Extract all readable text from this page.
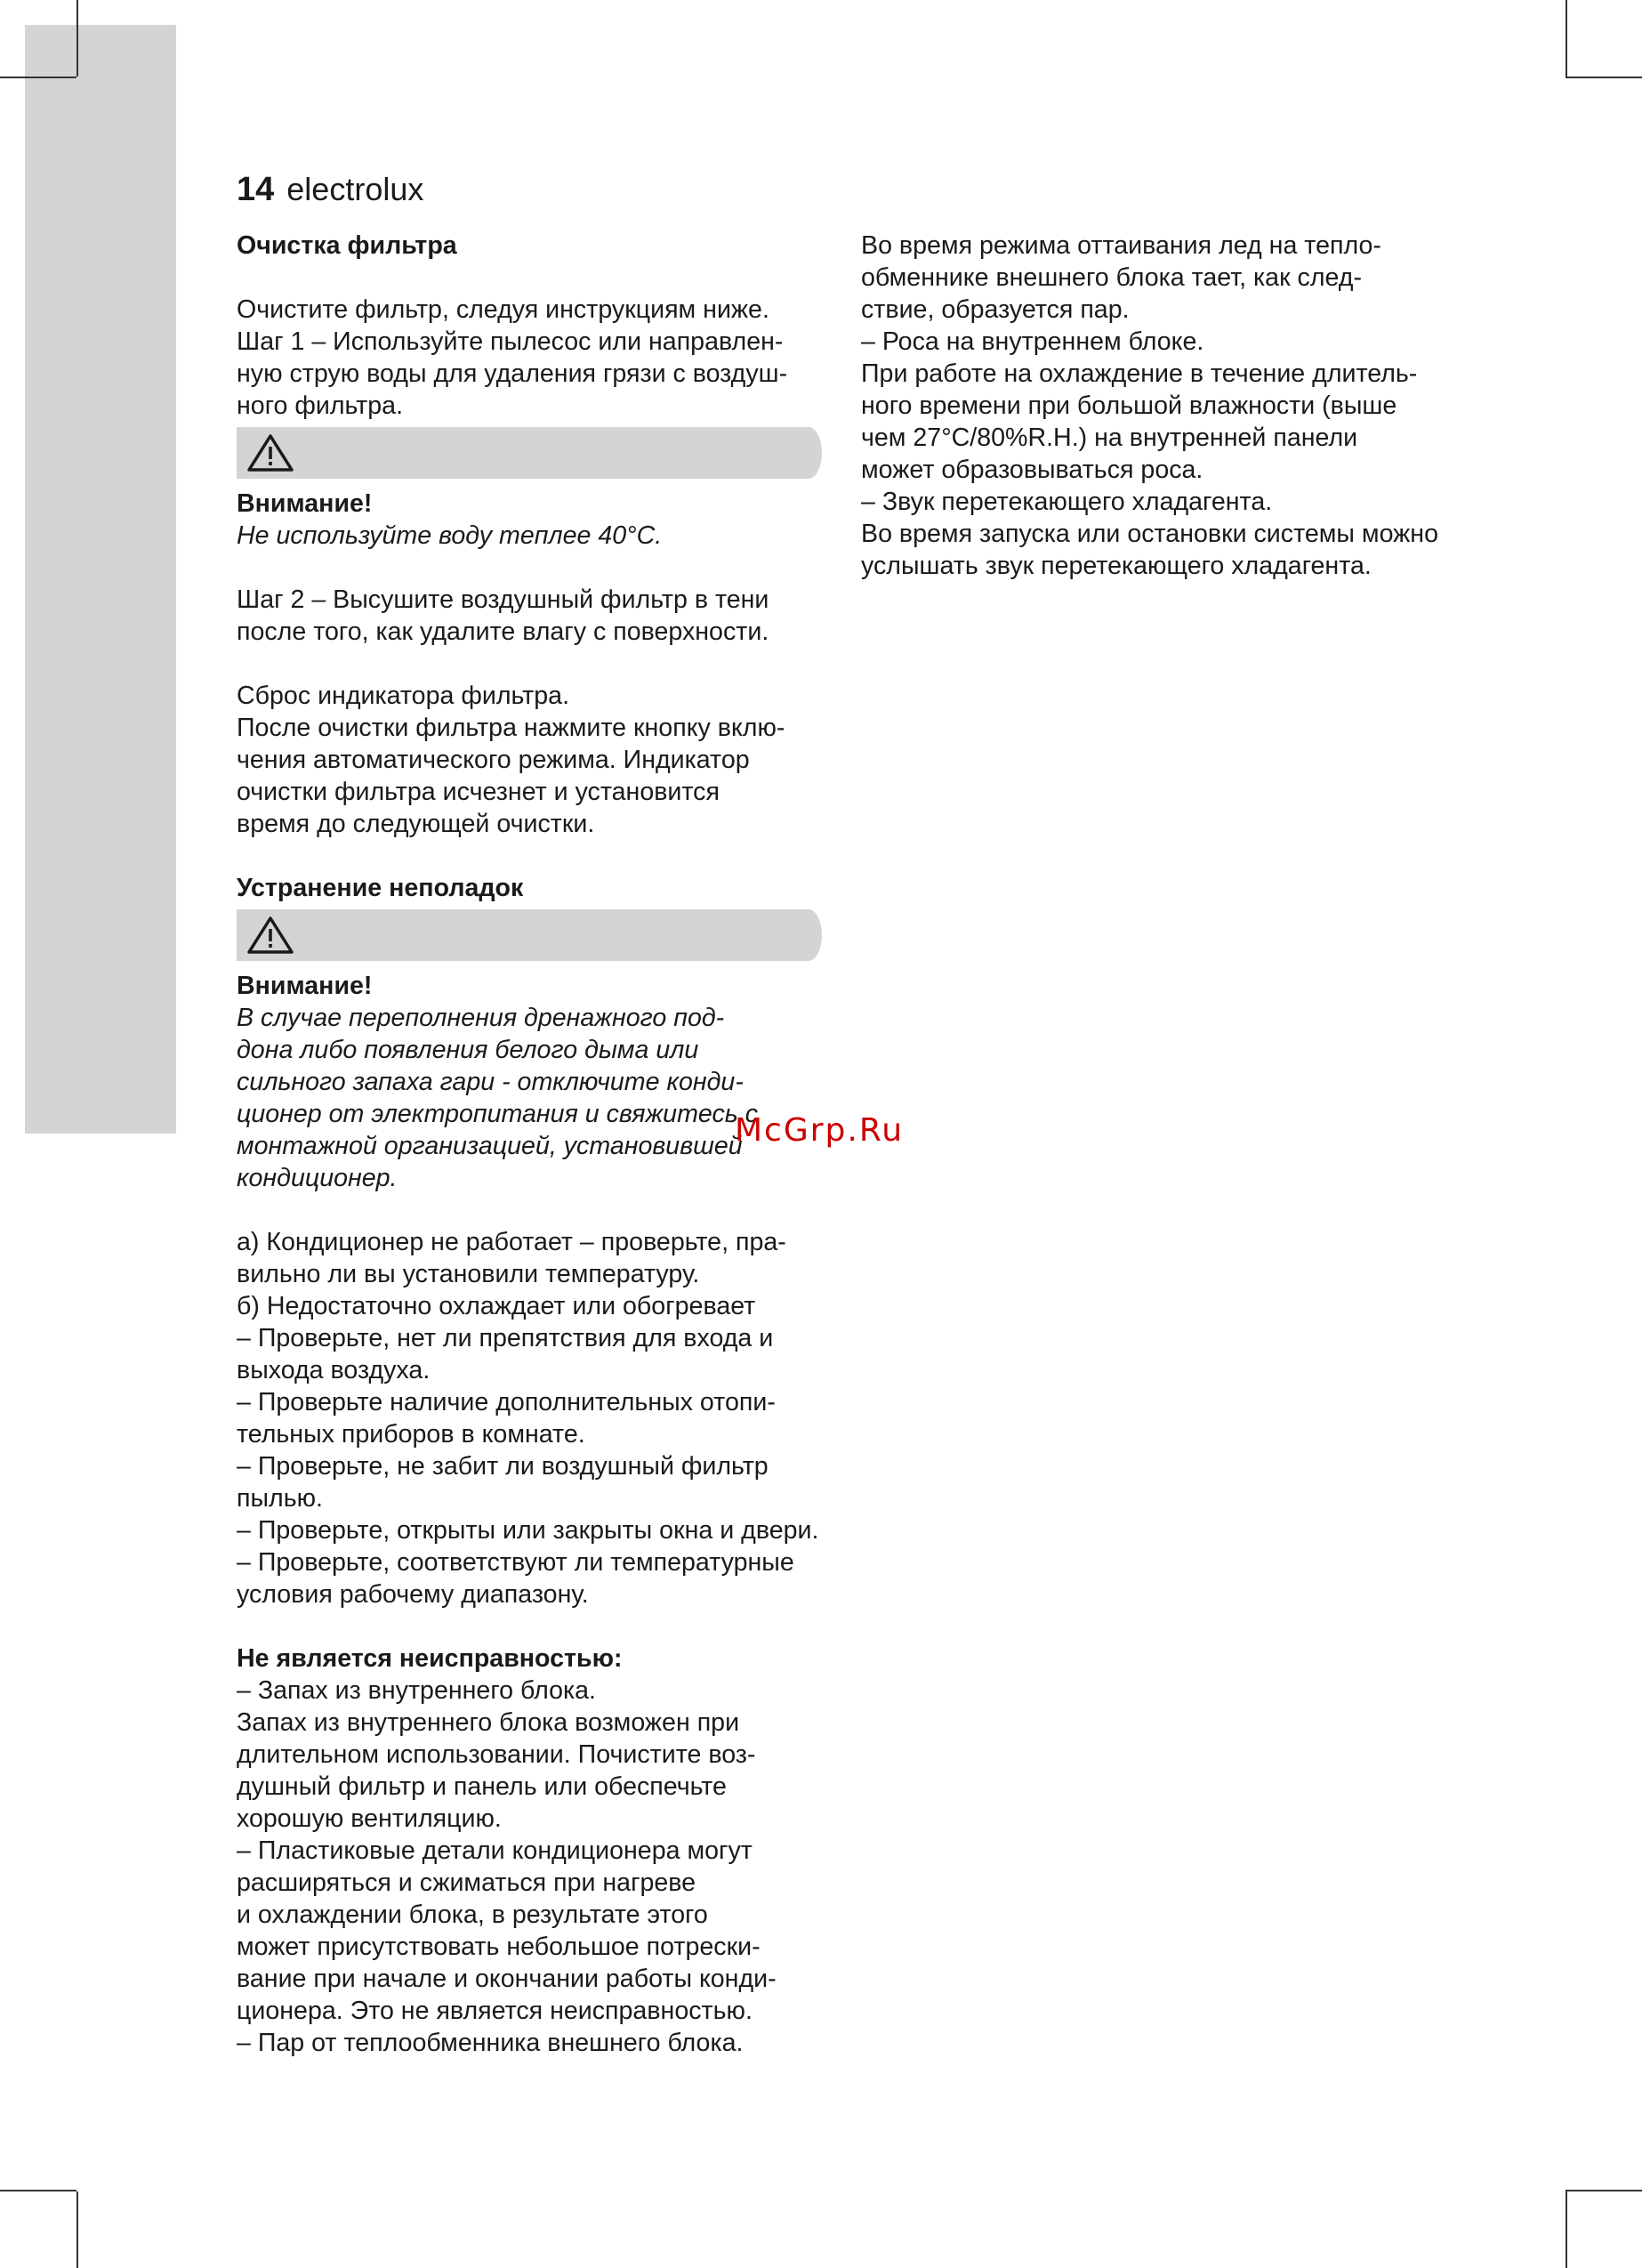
14 electrolux

Очистка фильтра

Очистите фильтр, следуя инструкциям ниже.
Шаг 1 – Используйте пылесос или направлен-
ную струю воды для удаления грязи с воздуш-
ного фильтра.

Внимание!

Не используйте воду теплее 40°C.

Шаг 2 – Высушите воздушный фильтр в тени
после того, как удалите влагу с поверхности.

Сброс индикатора фильтра.
После очистки фильтра нажмите кнопку вклю-
чения автоматического режима. Индикатор
очистки фильтра исчезнет и установится
время до следующей очистки.

Устранение неполадок

Внимание!

В случае переполнения дренажного под-
дона либо появления белого дыма или
сильного запаха гари - отключите конди-
ционер от электропитания и свяжитесь с
монтажной организацией, установившей
кондиционер.

а) Кондиционер не работает – проверьте, пра-
вильно ли вы установили температуру.
б) Недостаточно охлаждает или обогревает
– Проверьте, нет ли препятствия для входа и
выхода воздуха.
– Проверьте наличие дополнительных отопи-
тельных приборов в комнате.
– Проверьте, не забит ли воздушный фильтр
пылью.
– Проверьте, открыты или закрыты окна и двери.
– Проверьте, соответствуют ли температурные
условия рабочему диапазону.

Не является неисправностью:

– Запах из внутреннего блока.
Запах из внутреннего блока возможен при
длительном использовании. Почистите воз-
душный фильтр и панель или обеспечьте
хорошую вентиляцию.
– Пластиковые детали кондиционера могут
расширяться и сжиматься при нагреве
и охлаждении блока, в результате этого
может присутствовать небольшое потрески-
вание при начале и окончании работы конди-
ционера. Это не является неисправностью.
– Пар от теплообменника внешнего блока.

Во время режима оттаивания лед на тепло-
обменнике внешнего блока тает, как след-
ствие, образуется пар.
– Роса на внутреннем блоке.
При работе на охлаждение в течение длитель-
ного времени при большой влажности (выше
чем 27°C/80%R.H.) на внутренней панели
может образовываться роса.
– Звук перетекающего хладагента.
Во время запуска или остановки системы можно
услышать звук перетекающего хладагента.

McGrp.Ru
